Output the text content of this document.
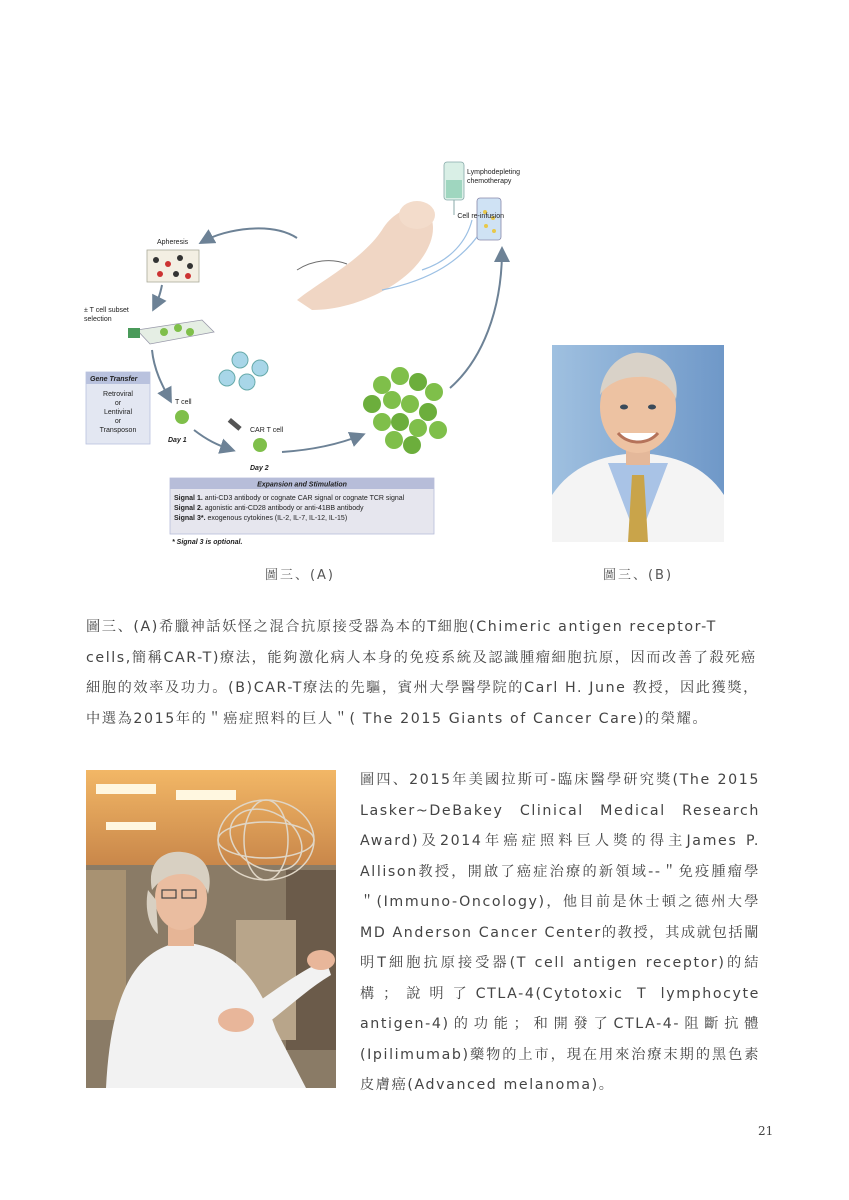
Lymphodepleting
chemotherapy
Cell re-infusion
Apheresis
± T cell subset
selection
Gene Transfer
Retroviral
or
Lentiviral
or
Transposon
T cell
Day 1
CAR T cell
Day 2
Expansion and Stimulation
Signal 1. anti-CD3 antibody or cognate CAR signal or cognate TCR signal
Signal 2. agonistic anti-CD28 antibody or anti-41BB antibody
Signal 3*. exogenous cytokines (IL-2, IL-7, IL-12, IL-15)
* Signal 3 is optional.
圖三、(A)	圖三、(B)
圖三、(A)希臘神話妖怪之混合抗原接受器為本的T細胞(Chimeric antigen receptor-T cells,簡稱CAR-T)療法，能夠激化病人本身的免疫系統及認識腫瘤細胞抗原，因而改善了殺死癌細胞的效率及功力。(B)CAR-T療法的先驅，賓州大學醫學院的Carl H. June 教授，因此獲獎，中選為2015年的＂癌症照料的巨人＂( The 2015 Giants of Cancer Care)的榮耀。
圖四、2015年美國拉斯可-臨床醫學研究獎(The 2015 Lasker~DeBakey Clinical Medical Research Award)及2014年癌症照料巨人獎的得主James P. Allison教授，開啟了癌症治療的新領域--＂免疫腫瘤學＂(Immuno-Oncology)，他目前是休士頓之德州大學MD Anderson Cancer Center的教授，其成就包括闡明T細胞抗原接受器(T cell antigen receptor)的結構；說明了CTLA-4(Cytotoxic T lymphocyte antigen-4)的功能；和開發了CTLA-4-阻斷抗體(Ipilimumab)藥物的上市，現在用來治療末期的黑色素皮膚癌(Advanced melanoma)。
21
